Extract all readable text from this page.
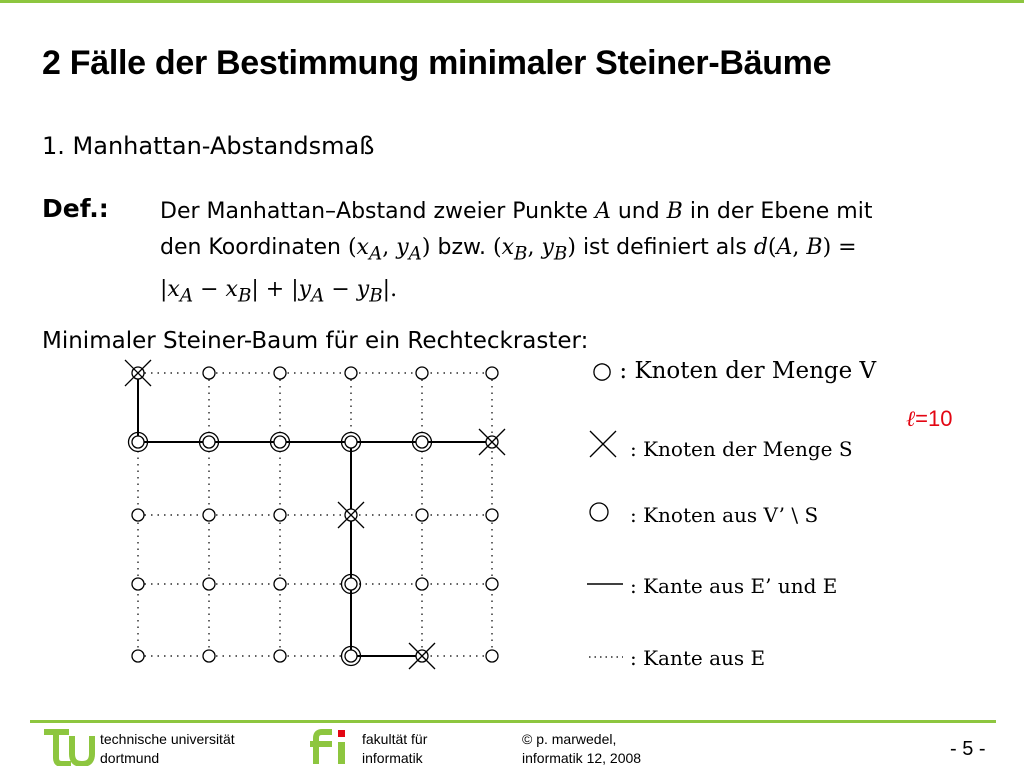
2 Fälle der Bestimmung minimaler Steiner-Bäume
1. Manhattan-Abstandsmaß
Def.: Der Manhattan–Abstand zweier Punkte A und B in der Ebene mit
den Koordinaten ($x_A$, $y_A$) bzw. ($x_B$, $y_B$) ist definiert als d(A, B) =
$|x_A - x_B| + |y_A - y_B|$.
Minimaler Steiner-Baum für ein Rechteckraster:
○ : Knoten der Menge V
: Knoten der Menge S
: Knoten aus V’ \ S
: Kante aus E’ und E
: Kante aus E
ℓ=10
technische universität
dortmund
fakultät für
informatik
© p. marwedel,
informatik 12, 2008	- 5 -
